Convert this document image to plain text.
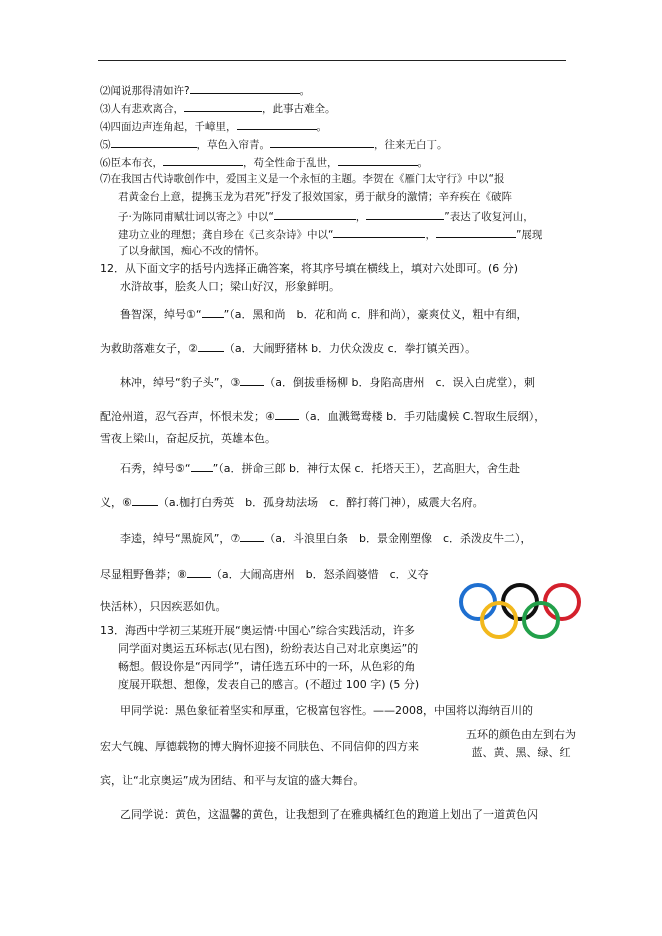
⑵闻说那得清如许?	。
⑶人有悲欢离合，	，此事古难全。
⑷四面边声连角起，千嶂里，	。
⑸	，草色入帘青。	，往来无白丁。
⑹臣本布衣，	，苟全性命于乱世，	。
⑺在我国古代诗歌创作中，爱国主义是一个永恒的主题。李贺在《雁门太守行》中以“报
君黄金台上意，提携玉龙为君死”抒发了报效国家，勇于献身的激情；辛弃疾在《破阵
子·为陈同甫赋壮词以寄之》中以“	，	”表达了收复河山，
建功立业的理想；龚自珍在《己亥杂诗》中以“	，	”展现
了以身献国，痴心不改的情怀。
12．从下面文字的括号内选择正确答案，将其序号填在横线上，填对六处即可。(6 分)
水浒故事，脍炙人口；梁山好汉，形象鲜明。
鲁智深，绰号①“ ”（a．黑和尚　b．花和尚 c．胖和尚），豪爽仗义，粗中有细，
为救助落难女子，② （a．大闹野猪林 b．力伏众泼皮 c．拳打镇关西）。
林冲，绰号“豹子头”，③ （a．倒拔垂杨柳 b．身陷高唐州　c．误入白虎堂），刺
配沧州道，忍气吞声，怀恨未发；④ （a．血溅鸳鸯楼 b．手刃陆虞候 C.智取生辰纲），
雪夜上梁山，奋起反抗，英雄本色。
石秀，绰号⑤“ ”（a．拼命三郎 b．神行太保 c．托塔天王），艺高胆大，舍生赴
义，⑥ （a.枷打白秀英　b．孤身劫法场　c．醉打蒋门神），威震大名府。
李逵，绰号“黑旋风”，⑦ （a．斗浪里白条　b．景金刚塑像　c．杀泼皮牛二），
尽显粗野鲁莽；⑧ （a．大闹高唐州　b．怒杀阎婆惜　c．义夺
快活林），只因疾恶如仇。
13．海西中学初三某班开展“奥运情·中国心”综合实践活动，许多
同学面对奥运五环标志(见右图)，纷纷表达自己对北京奥运”的
畅想。假设你是“丙同学”，请任选五环中的一环，从色彩的角
度展开联想、想像，发表自己的感言。(不超过 100 字) (5 分)
甲同学说：黑色象征着坚实和厚重，它极富包容性。——2008，中国将以海纳百川的
宏大气魄、厚德载物的博大胸怀迎接不同肤色、不同信仰的四方来
五环的颜色由左到右为
蓝、黄、黑、绿、红
宾，让“北京奥运”成为团结、和平与友谊的盛大舞台。
乙同学说：黄色，这温馨的黄色，让我想到了在雅典橘红色的跑道上划出了一道黄色闪
